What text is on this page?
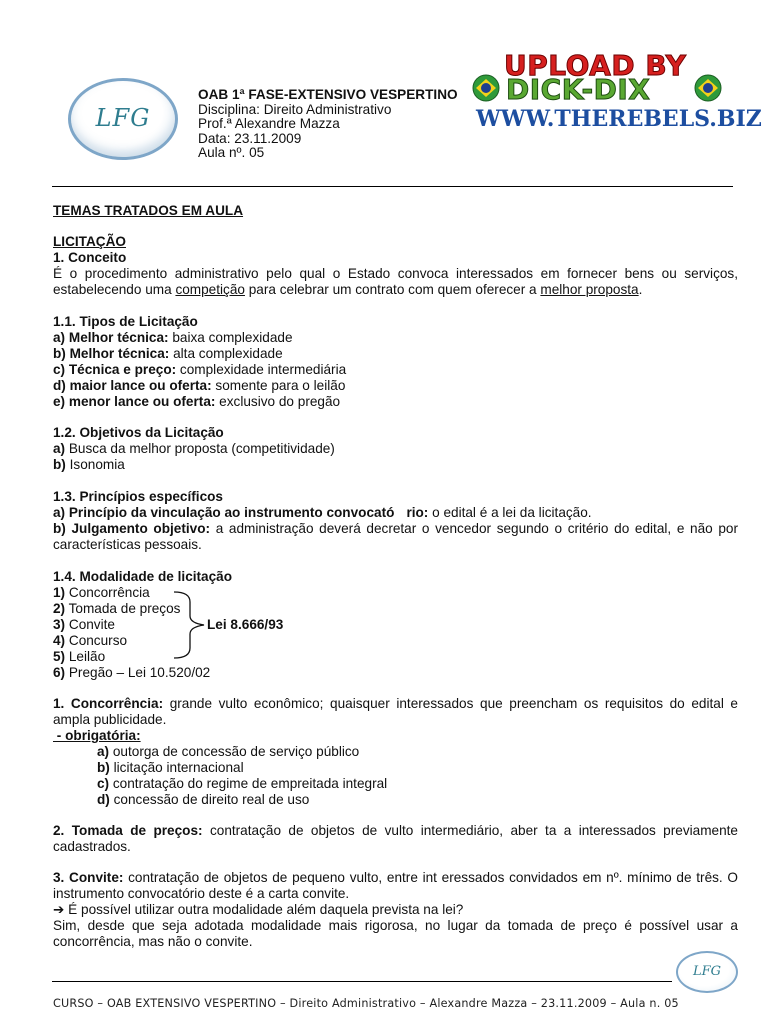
LFG
OAB 1ª FASE-EXTENSIVO VESPERTINO
Disciplina: Direito Administrativo
Prof.ª Alexandre Mazza
Data: 23.11.2009
Aula nº. 05
UPLOAD BY
DICK-DIX
WWW.THEREBELS.BIZ
TEMAS TRATADOS EM AULA
LICITAÇÃO
1. Conceito
É o procedimento administrativo pelo qual o Estado convoca interessados em fornecer bens ou serviços,
estabelecendo uma competição para celebrar um contrato com quem oferecer a melhor proposta.
1.1. Tipos de Licitação
a) Melhor técnica: baixa complexidade
b) Melhor técnica: alta complexidade
c) Técnica e preço: complexidade intermediária
d) maior lance ou oferta: somente para o leilão
e) menor lance ou oferta: exclusivo do pregão
1.2. Objetivos da Licitação
a) Busca da melhor proposta (competitividade)
b) Isonomia
1.3. Princípios específicos
a) Princípio da vinculação ao instrumento convocató rio: o edital é a lei da licitação.
b) Julgamento objetivo: a administração deverá decretar o vencedor segundo o critério do edital, e não por
características pessoais.
1.4. Modalidade de licitação
1) Concorrência
2) Tomada de preços
3) Convite
4) Concurso
5) Leilão
6) Pregão – Lei 10.520/02
Lei 8.666/93
1. Concorrência: grande vulto econômico; quaisquer interessados que preencham os requisitos do edital e
ampla publicidade.
- obrigatória:
a) outorga de concessão de serviço público
b) licitação internacional
c) contratação do regime de empreitada integral
d) concessão de direito real de uso
2. Tomada de preços: contratação de objetos de vulto intermediário, aber ta a interessados previamente
cadastrados.
3. Convite: contratação de objetos de pequeno vulto, entre int eressados convidados em nº. mínimo de três. O
instrumento convocatório deste é a carta convite.
➔ É possível utilizar outra modalidade além daquela prevista na lei?
Sim, desde que seja adotada modalidade mais rigorosa, no lugar da tomada de preço é possível usar a
concorrência, mas não o convite.
LFG
CURSO – OAB EXTENSIVO VESPERTINO – Direito Administrativo – Alexandre Mazza – 23.11.2009 – Aula n. 05
